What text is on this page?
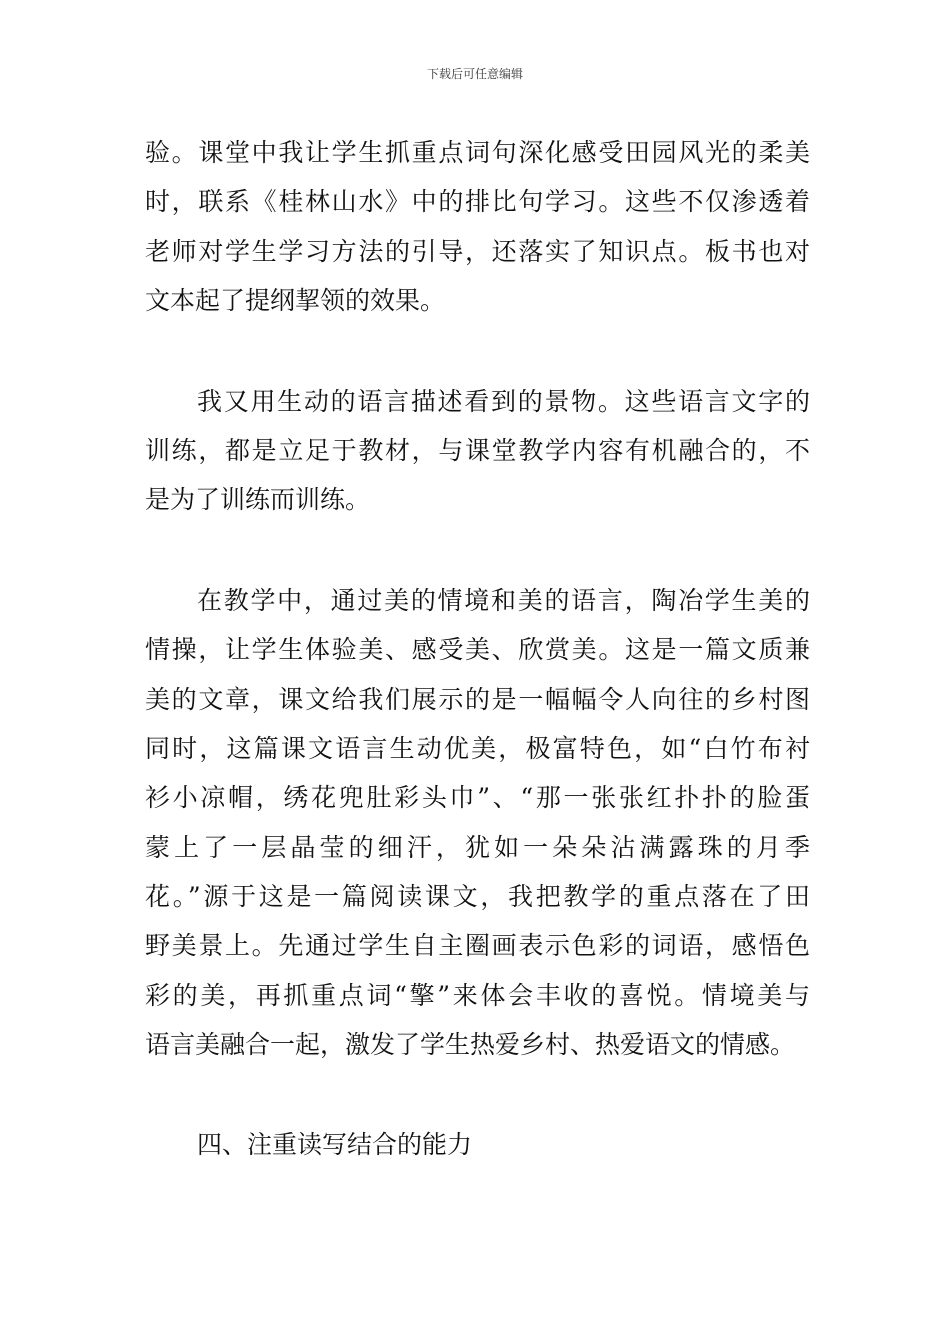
下载后可任意编辑
验。课堂中我让学生抓重点词句深化感受田园风光的柔美
时，联系《桂林山水》中的排比句学习。这些不仅渗透着
老师对学生学习方法的引导，还落实了知识点。板书也对
文本起了提纲挈领的效果。
我又用生动的语言描述看到的景物。这些语言文字的
训练，都是立足于教材，与课堂教学内容有机融合的，不
是为了训练而训练。
在教学中，通过美的情境和美的语言，陶冶学生美的
情操，让学生体验美、感受美、欣赏美。这是一篇文质兼
美的文章，课文给我们展示的是一幅幅令人向往的乡村图
同时，这篇课文语言生动优美，极富特色，如“白竹布衬
衫小凉帽，绣花兜肚彩头巾”、“那一张张红扑扑的脸蛋
蒙上了一层晶莹的细汗，犹如一朵朵沾满露珠的月季
花。”源于这是一篇阅读课文，我把教学的重点落在了田
野美景上。先通过学生自主圈画表示色彩的词语，感悟色
彩的美，再抓重点词“擎”来体会丰收的喜悦。情境美与
语言美融合一起，激发了学生热爱乡村、热爱语文的情感。
四、注重读写结合的能力
